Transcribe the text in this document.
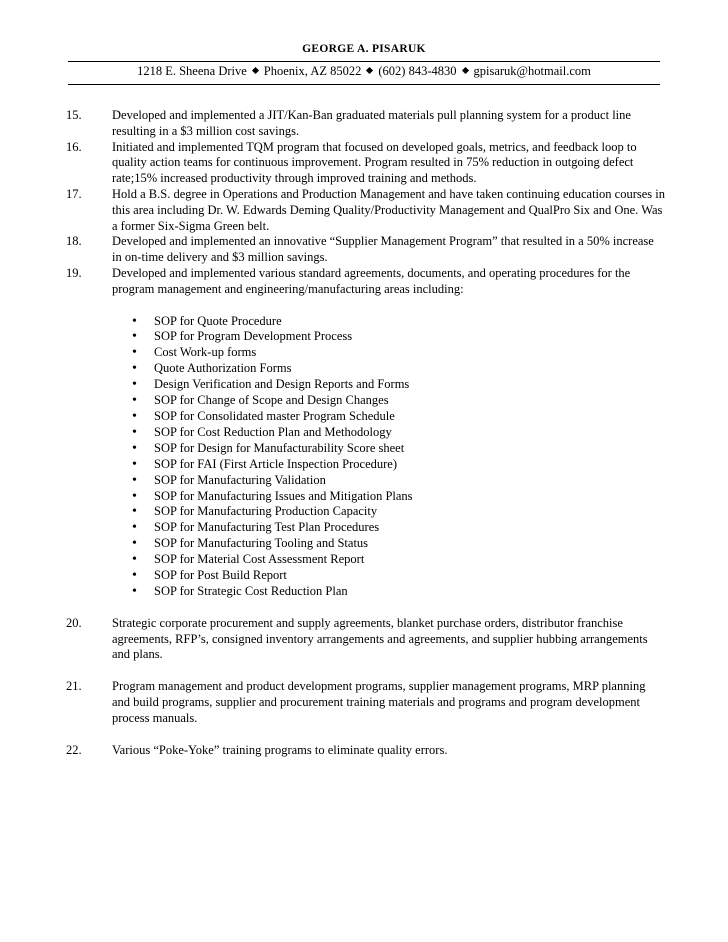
GEORGE A. PISARUK
1218 E. Sheena Drive Phoenix, AZ 85022 (602) 843-4830 gpisaruk@hotmail.com
15.	Developed and implemented a JIT/Kan-Ban graduated materials pull planning system for a product line resulting in a $3 million cost savings.
16.	Initiated and implemented TQM program that focused on developed goals, metrics, and feedback loop to quality action teams for continuous improvement. Program resulted in 75% reduction in outgoing defect rate;15% increased productivity through improved training and methods.
17.	Hold a B.S. degree in Operations and Production Management and have taken continuing education courses in this area including Dr. W. Edwards Deming Quality/Productivity Management and QualPro Six and One. Was a former Six-Sigma Green belt.
18.	Developed and implemented an innovative “Supplier Management Program” that resulted in a 50% increase in on-time delivery and $3 million savings.
19.	Developed and implemented various standard agreements, documents, and operating procedures for the program management and engineering/manufacturing areas including:
•	SOP for Quote Procedure
•	SOP for Program Development Process
•	Cost Work-up forms
•	Quote Authorization Forms
•	Design Verification and Design Reports and Forms
•	SOP for Change of Scope and Design Changes
•	SOP for Consolidated master Program Schedule
•	SOP for Cost Reduction Plan and Methodology
•	SOP for Design for Manufacturability Score sheet
•	SOP for FAI (First Article Inspection Procedure)
•	SOP for Manufacturing Validation
•	SOP for Manufacturing Issues and Mitigation Plans
•	SOP for Manufacturing Production Capacity
•	SOP for Manufacturing Test Plan Procedures
•	SOP for Manufacturing Tooling and Status
•	SOP for Material Cost Assessment Report
•	SOP for Post Build Report
•	SOP for Strategic Cost Reduction Plan
20.	Strategic corporate procurement and supply agreements, blanket purchase orders, distributor franchise agreements, RFP’s, consigned inventory arrangements and agreements, and supplier hubbing arrangements and plans.
21.	Program management and product development programs, supplier management programs, MRP planning and build programs, supplier and procurement training materials and programs and program development process manuals.
22.	Various “Poke-Yoke” training programs to eliminate quality errors.
